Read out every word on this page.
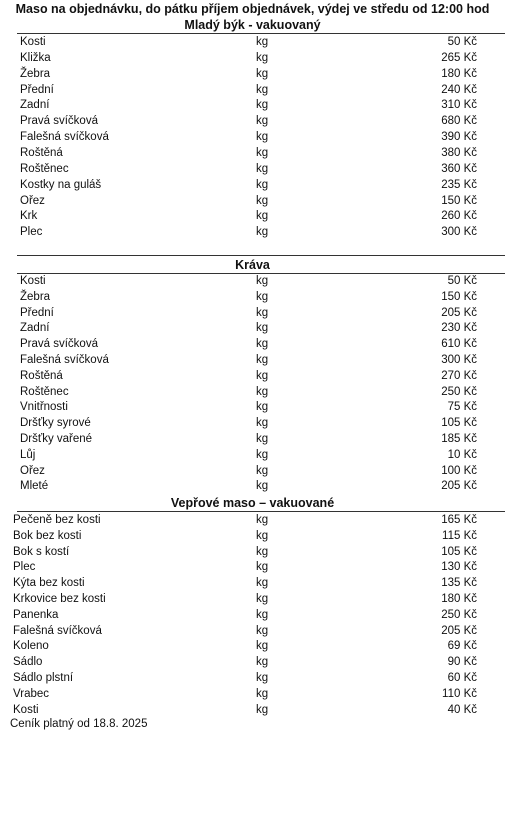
Maso na objednávku, do pátku příjem objednávek, výdej ve středu od 12:00 hod
Mladý býk - vakuovaný
Kosti	kg	50 Kč
Kližka	kg	265 Kč
Žebra	kg	180 Kč
Přední	kg	240 Kč
Zadní	kg	310 Kč
Pravá svíčková	kg	680 Kč
Falešná svíčková	kg	390 Kč
Roštěná	kg	380 Kč
Roštěnec	kg	360 Kč
Kostky na guláš	kg	235 Kč
Ořez	kg	150 Kč
Krk	kg	260 Kč
Plec	kg	300 Kč
Kráva
Kosti	kg	50 Kč
Žebra	kg	150 Kč
Přední	kg	205 Kč
Zadní	kg	230 Kč
Pravá svíčková	kg	610 Kč
Falešná svíčková	kg	300 Kč
Roštěná	kg	270 Kč
Roštěnec	kg	250 Kč
Vnitřnosti	kg	75 Kč
Dršťky syrové	kg	105 Kč
Dršťky vařené	kg	185 Kč
Lůj	kg	10 Kč
Ořez	kg	100 Kč
Mleté	kg	205 Kč
Vepřové maso – vakuované
Pečeně bez kosti	kg	165 Kč
Bok bez kosti	kg	115 Kč
Bok s kostí	kg	105 Kč
Plec	kg	130 Kč
Kýta bez kosti	kg	135 Kč
Krkovice bez kosti	kg	180 Kč
Panenka	kg	250 Kč
Falešná svíčková	kg	205 Kč
Koleno	kg	69 Kč
Sádlo	kg	90 Kč
Sádlo plstní	kg	60 Kč
Vrabec	kg	110 Kč
Kosti	kg	40 Kč
Ceník platný od 18.8. 2025
